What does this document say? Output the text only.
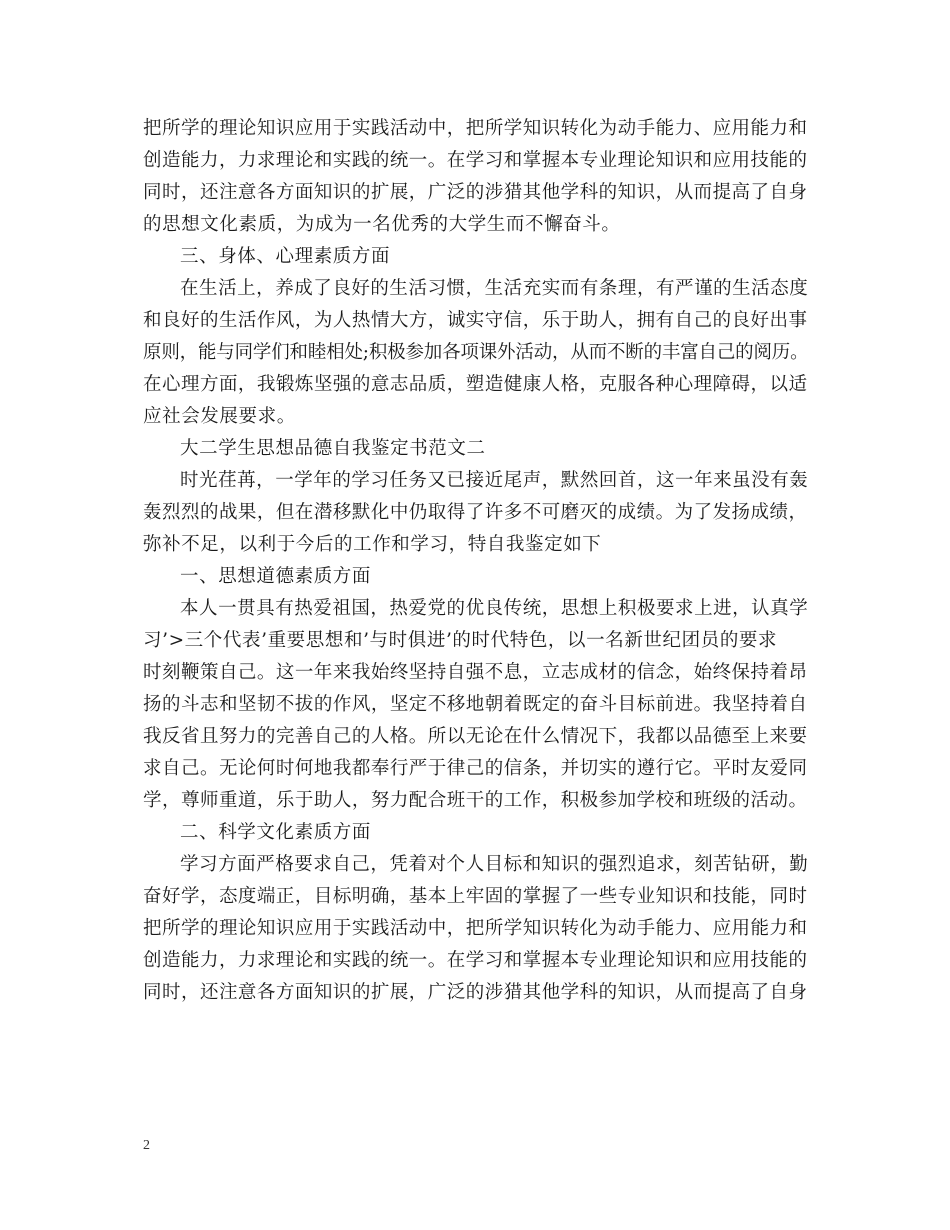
把所学的理论知识应用于实践活动中，把所学知识转化为动手能力、应用能力和
创造能力，力求理论和实践的统一。在学习和掌握本专业理论知识和应用技能的
同时，还注意各方面知识的扩展，广泛的涉猎其他学科的知识，从而提高了自身
的思想文化素质，为成为一名优秀的大学生而不懈奋斗。
三、身体、心理素质方面
在生活上，养成了良好的生活习惯，生活充实而有条理，有严谨的生活态度
和良好的生活作风，为人热情大方，诚实守信，乐于助人，拥有自己的良好出事
原则，能与同学们和睦相处;积极参加各项课外活动，从而不断的丰富自己的阅历。
在心理方面，我锻炼坚强的意志品质，塑造健康人格，克服各种心理障碍，以适
应社会发展要求。
大二学生思想品德自我鉴定书范文二
时光荏苒，一学年的学习任务又已接近尾声，默然回首，这一年来虽没有轰
轰烈烈的战果，但在潜移默化中仍取得了许多不可磨灭的成绩。为了发扬成绩，
弥补不足，以利于今后的工作和学习，特自我鉴定如下
一、思想道德素质方面
本人一贯具有热爱祖国，热爱党的优良传统，思想上积极要求上进，认真学
习’>三个代表’重要思想和’与时俱进’的时代特色，以一名新世纪团员的要求
时刻鞭策自己。这一年来我始终坚持自强不息，立志成材的信念，始终保持着昂
扬的斗志和坚韧不拔的作风，坚定不移地朝着既定的奋斗目标前进。我坚持着自
我反省且努力的完善自己的人格。所以无论在什么情况下，我都以品德至上来要
求自己。无论何时何地我都奉行严于律己的信条，并切实的遵行它。平时友爱同
学，尊师重道，乐于助人，努力配合班干的工作，积极参加学校和班级的活动。
二、科学文化素质方面
学习方面严格要求自己，凭着对个人目标和知识的强烈追求，刻苦钻研，勤
奋好学，态度端正，目标明确，基本上牢固的掌握了一些专业知识和技能，同时
把所学的理论知识应用于实践活动中，把所学知识转化为动手能力、应用能力和
创造能力，力求理论和实践的统一。在学习和掌握本专业理论知识和应用技能的
同时，还注意各方面知识的扩展，广泛的涉猎其他学科的知识，从而提高了自身
2
